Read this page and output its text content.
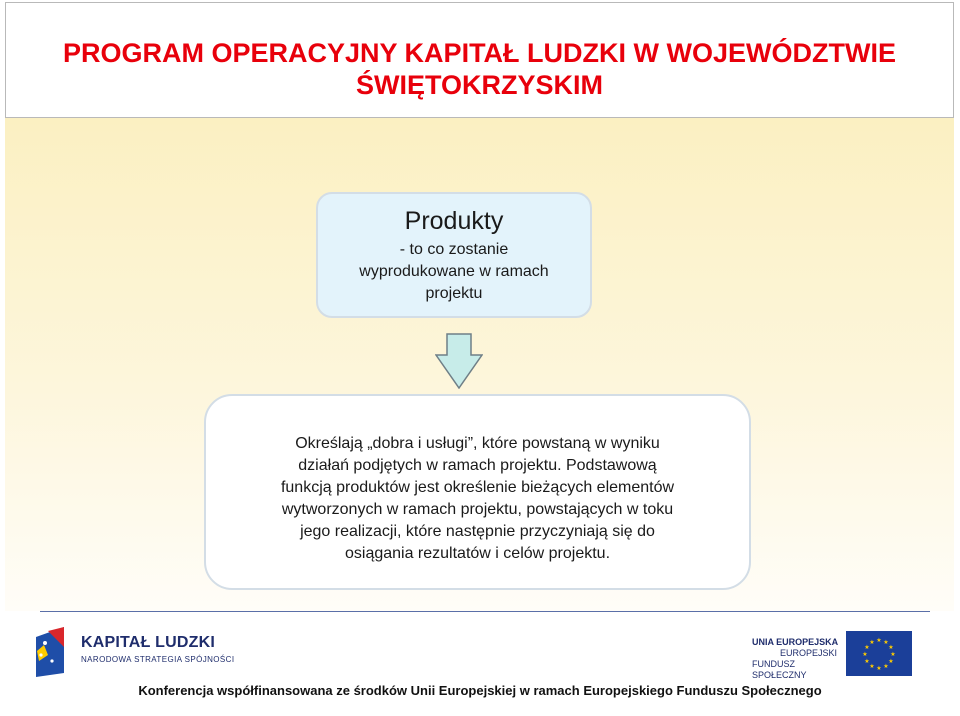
PROGRAM OPERACYJNY KAPITAŁ LUDZKI W WOJEWÓDZTWIE
ŚWIĘTOKRZYSKIM
Produkty
- to co zostanie
wyprodukowane w ramach
projektu
Określają „dobra i usługi”, które powstaną w wyniku
działań podjętych w ramach projektu. Podstawową
funkcją produktów jest określenie bieżących elementów
wytworzonych w ramach projektu, powstających w toku
jego realizacji, które następnie przyczyniają się do
osiągania rezultatów i celów projektu.
KAPITAŁ LUDZKI
NARODOWA STRATEGIA SPÓJNOŚCI
UNIA EUROPEJSKA
EUROPEJSKI
FUNDUSZ SPOŁECZNY
★ ★
★
★
★
★
★
★
★
★
★
★
Konferencja współfinansowana ze środków Unii Europejskiej w ramach Europejskiego Funduszu Społecznego
